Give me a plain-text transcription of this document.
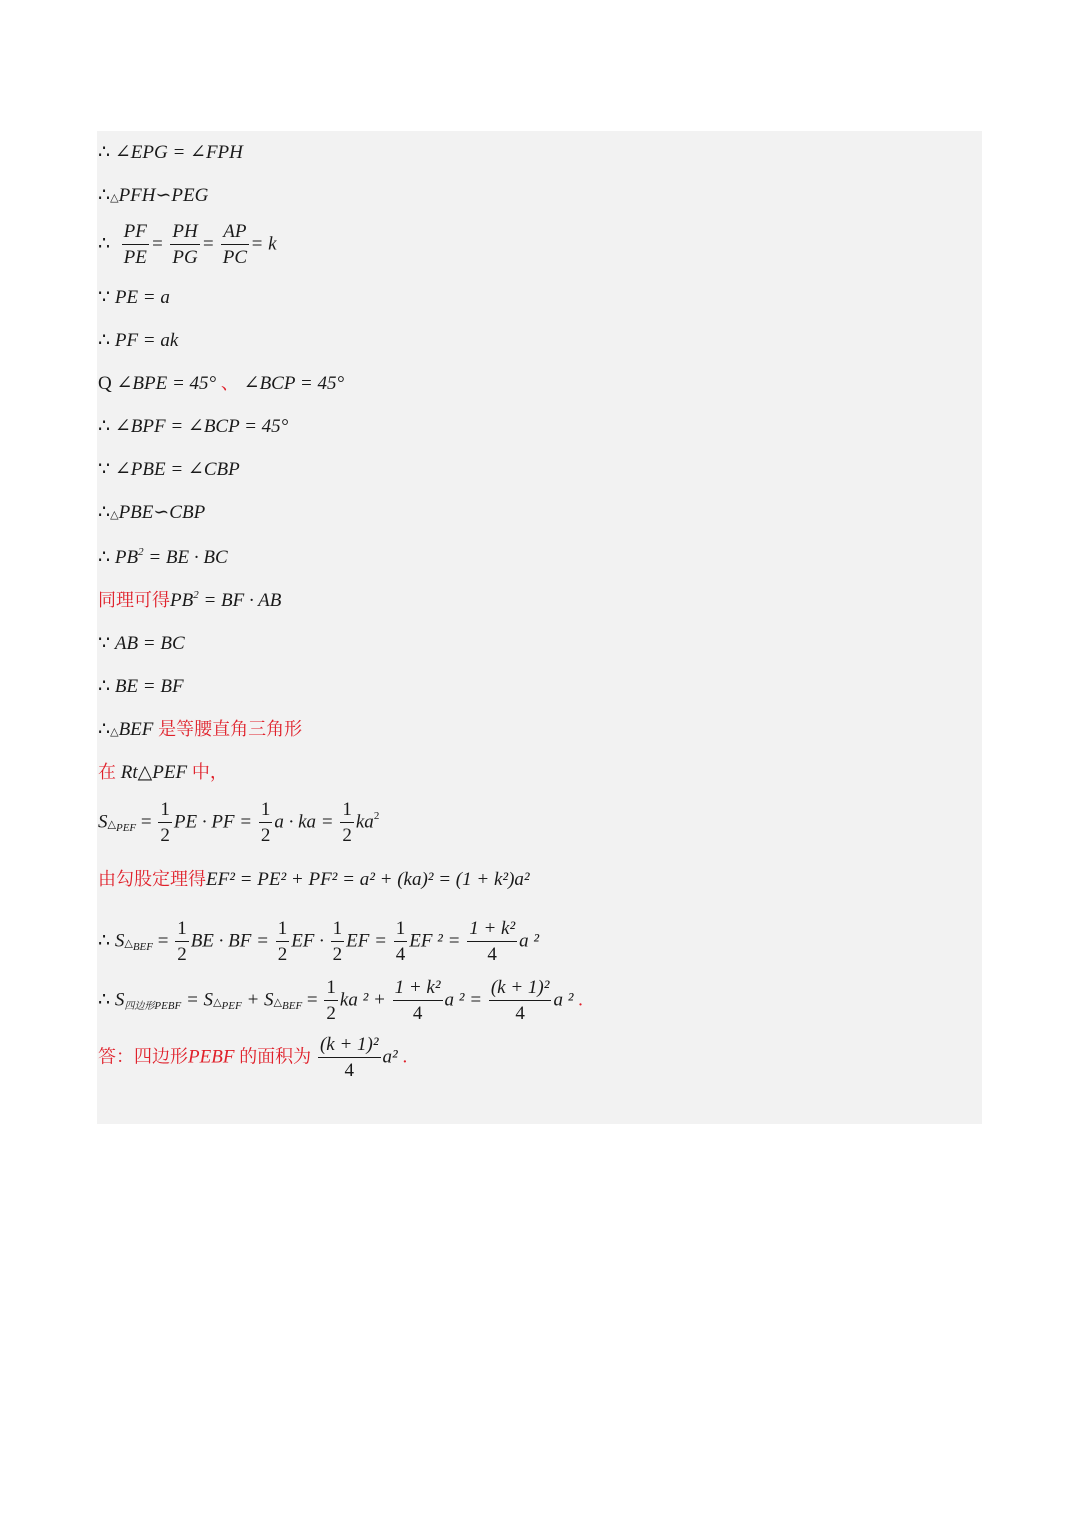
∴ ∠EPG = ∠FPH
∴△PFH∽PEG
∴ $\frac{PF}{PE} = \frac{PH}{PG} = \frac{AP}{PC} = k$
∵ PE = a
∴ PF = ak
Q ∠BPE = 45° 、 ∠BCP = 45°
∴ ∠BPF = ∠BCP = 45°
∵ ∠PBE = ∠CBP
∴△PBE∽CBP
∴ $PB^2$ = BE · BC
同理可得$PB^2$ = BF · AB
∵ AB = BC
∴ BE = BF
∴△BEF 是等腰直角三角形
在 Rt△PEF 中，
$S\triangle_{PEF} = \frac{1}{2}$ PE · PF = $\frac{1}{2}$ a · ka = $\frac{1}{2} ka^2$
由勾股定理得EF² = PE² + PF² = a² + (ka)² = (1 + k²)a²
∴ $S\triangle_{BEF} = \frac{1}{2}$ BE · BF = $\frac{1}{2}$ EF · $\frac{1}{2}$ EF = $\frac{1}{4}$ EF $^2 = \frac{\text{1 + k²}}{4}$ a ²
∴ $S_{四边形PEBF}$ = $S\triangle_{PEF}$ + $S\triangle_{BEF} = \frac{1}{2}$ ka $^2 + \frac{\text{1 + k²}}{4}$ a $^2 = \frac{\text{(k + 1)²}}{4}$ a ² .
答：四边形PEBF 的面积为 $\frac{\text{(k + 1)²}}{4} a^2$ .
